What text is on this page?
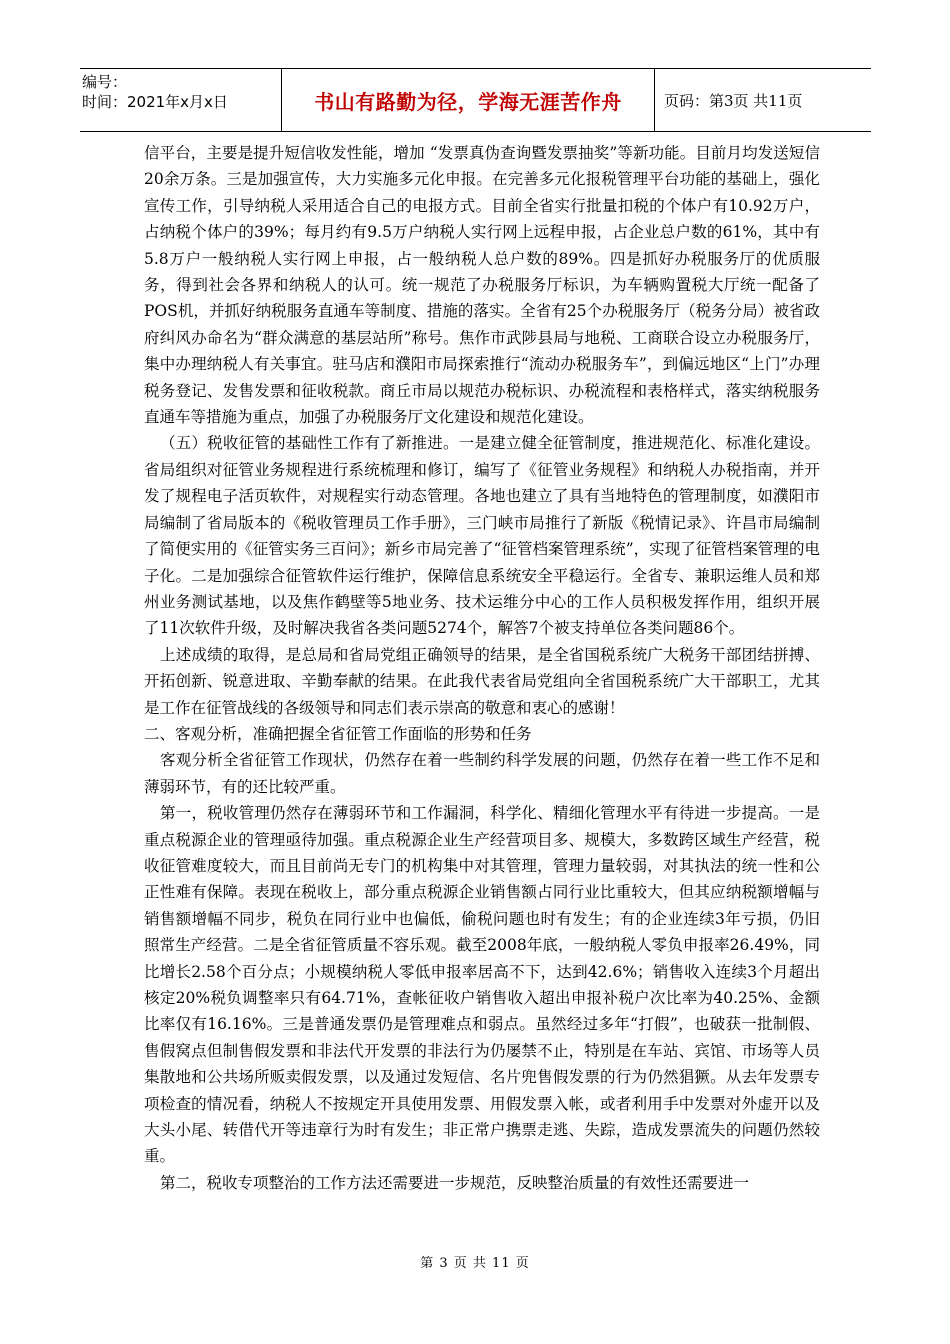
编号：
时间：2021年x月x日	书山有路勤为径，学海无涯苦作舟	页码：第3页 共11页

信平台，主要是提升短信收发性能，增加 “发票真伪查询暨发票抽奖”等新功能。目前月均发送短信20余万条。三是加强宣传，大力实施多元化申报。在完善多元化报税管理平台功能的基础上，强化宣传工作，引导纳税人采用适合自己的电报方式。目前全省实行批量扣税的个体户有10.92万户，占纳税个体户的39%；每月约有9.5万户纳税人实行网上远程申报，占企业总户数的61%，其中有5.8万户一般纳税人实行网上申报，占一般纳税人总户数的89%。四是抓好办税服务厅的优质服务，得到社会各界和纳税人的认可。统一规范了办税服务厅标识，为车辆购置税大厅统一配备了POS机，并抓好纳税服务直通车等制度、措施的落实。全省有25个办税服务厅（税务分局）被省政府纠风办命名为“群众满意的基层站所”称号。焦作市武陟县局与地税、工商联合设立办税服务厅，集中办理纳税人有关事宜。驻马店和濮阳市局探索推行“流动办税服务车”，到偏远地区“上门”办理税务登记、发售发票和征收税款。商丘市局以规范办税标识、办税流程和表格样式，落实纳税服务直通车等措施为重点，加强了办税服务厅文化建设和规范化建设。

（五）税收征管的基础性工作有了新推进。一是建立健全征管制度，推进规范化、标准化建设。省局组织对征管业务规程进行系统梳理和修订，编写了《征管业务规程》和纳税人办税指南，并开发了规程电子活页软件，对规程实行动态管理。各地也建立了具有当地特色的管理制度，如濮阳市局编制了省局版本的《税收管理员工作手册》，三门峡市局推行了新版《税情记录》、许昌市局编制了简便实用的《征管实务三百问》；新乡市局完善了“征管档案管理系统”，实现了征管档案管理的电子化。二是加强综合征管软件运行维护，保障信息系统安全平稳运行。全省专、兼职运维人员和郑州业务测试基地，以及焦作鹤壁等5地业务、技术运维分中心的工作人员积极发挥作用，组织开展了11次软件升级，及时解决我省各类问题5274个，解答7个被支持单位各类问题86个。

上述成绩的取得，是总局和省局党组正确领导的结果，是全省国税系统广大税务干部团结拼搏、开拓创新、锐意进取、辛勤奉献的结果。在此我代表省局党组向全省国税系统广大干部职工，尤其是工作在征管战线的各级领导和同志们表示崇高的敬意和衷心的感谢！

二、客观分析，准确把握全省征管工作面临的形势和任务

客观分析全省征管工作现状，仍然存在着一些制约科学发展的问题，仍然存在着一些工作不足和薄弱环节，有的还比较严重。

第一，税收管理仍然存在薄弱环节和工作漏洞，科学化、精细化管理水平有待进一步提高。一是重点税源企业的管理亟待加强。重点税源企业生产经营项目多、规模大，多数跨区域生产经营，税收征管难度较大，而且目前尚无专门的机构集中对其管理，管理力量较弱，对其执法的统一性和公正性难有保障。表现在税收上，部分重点税源企业销售额占同行业比重较大，但其应纳税额增幅与销售额增幅不同步，税负在同行业中也偏低，偷税问题也时有发生；有的企业连续3年亏损，仍旧照常生产经营。二是全省征管质量不容乐观。截至2008年底，一般纳税人零负申报率26.49%，同比增长2.58个百分点；小规模纳税人零低申报率居高不下，达到42.6%；销售收入连续3个月超出核定20%税负调整率只有64.71%，查帐征收户销售收入超出申报补税户次比率为40.25%、金额比率仅有16.16%。三是普通发票仍是管理难点和弱点。虽然经过多年“打假”，也破获一批制假、售假窝点但制售假发票和非法代开发票的非法行为仍屡禁不止，特别是在车站、宾馆、市场等人员集散地和公共场所贩卖假发票，以及通过发短信、名片兜售假发票的行为仍然猖獗。从去年发票专项检查的情况看，纳税人不按规定开具使用发票、用假发票入帐，或者利用手中发票对外虚开以及大头小尾、转借代开等违章行为时有发生；非正常户携票走逃、失踪，造成发票流失的问题仍然较重。

第二，税收专项整治的工作方法还需要进一步规范，反映整治质量的有效性还需要进一

第 3 页 共 11 页
